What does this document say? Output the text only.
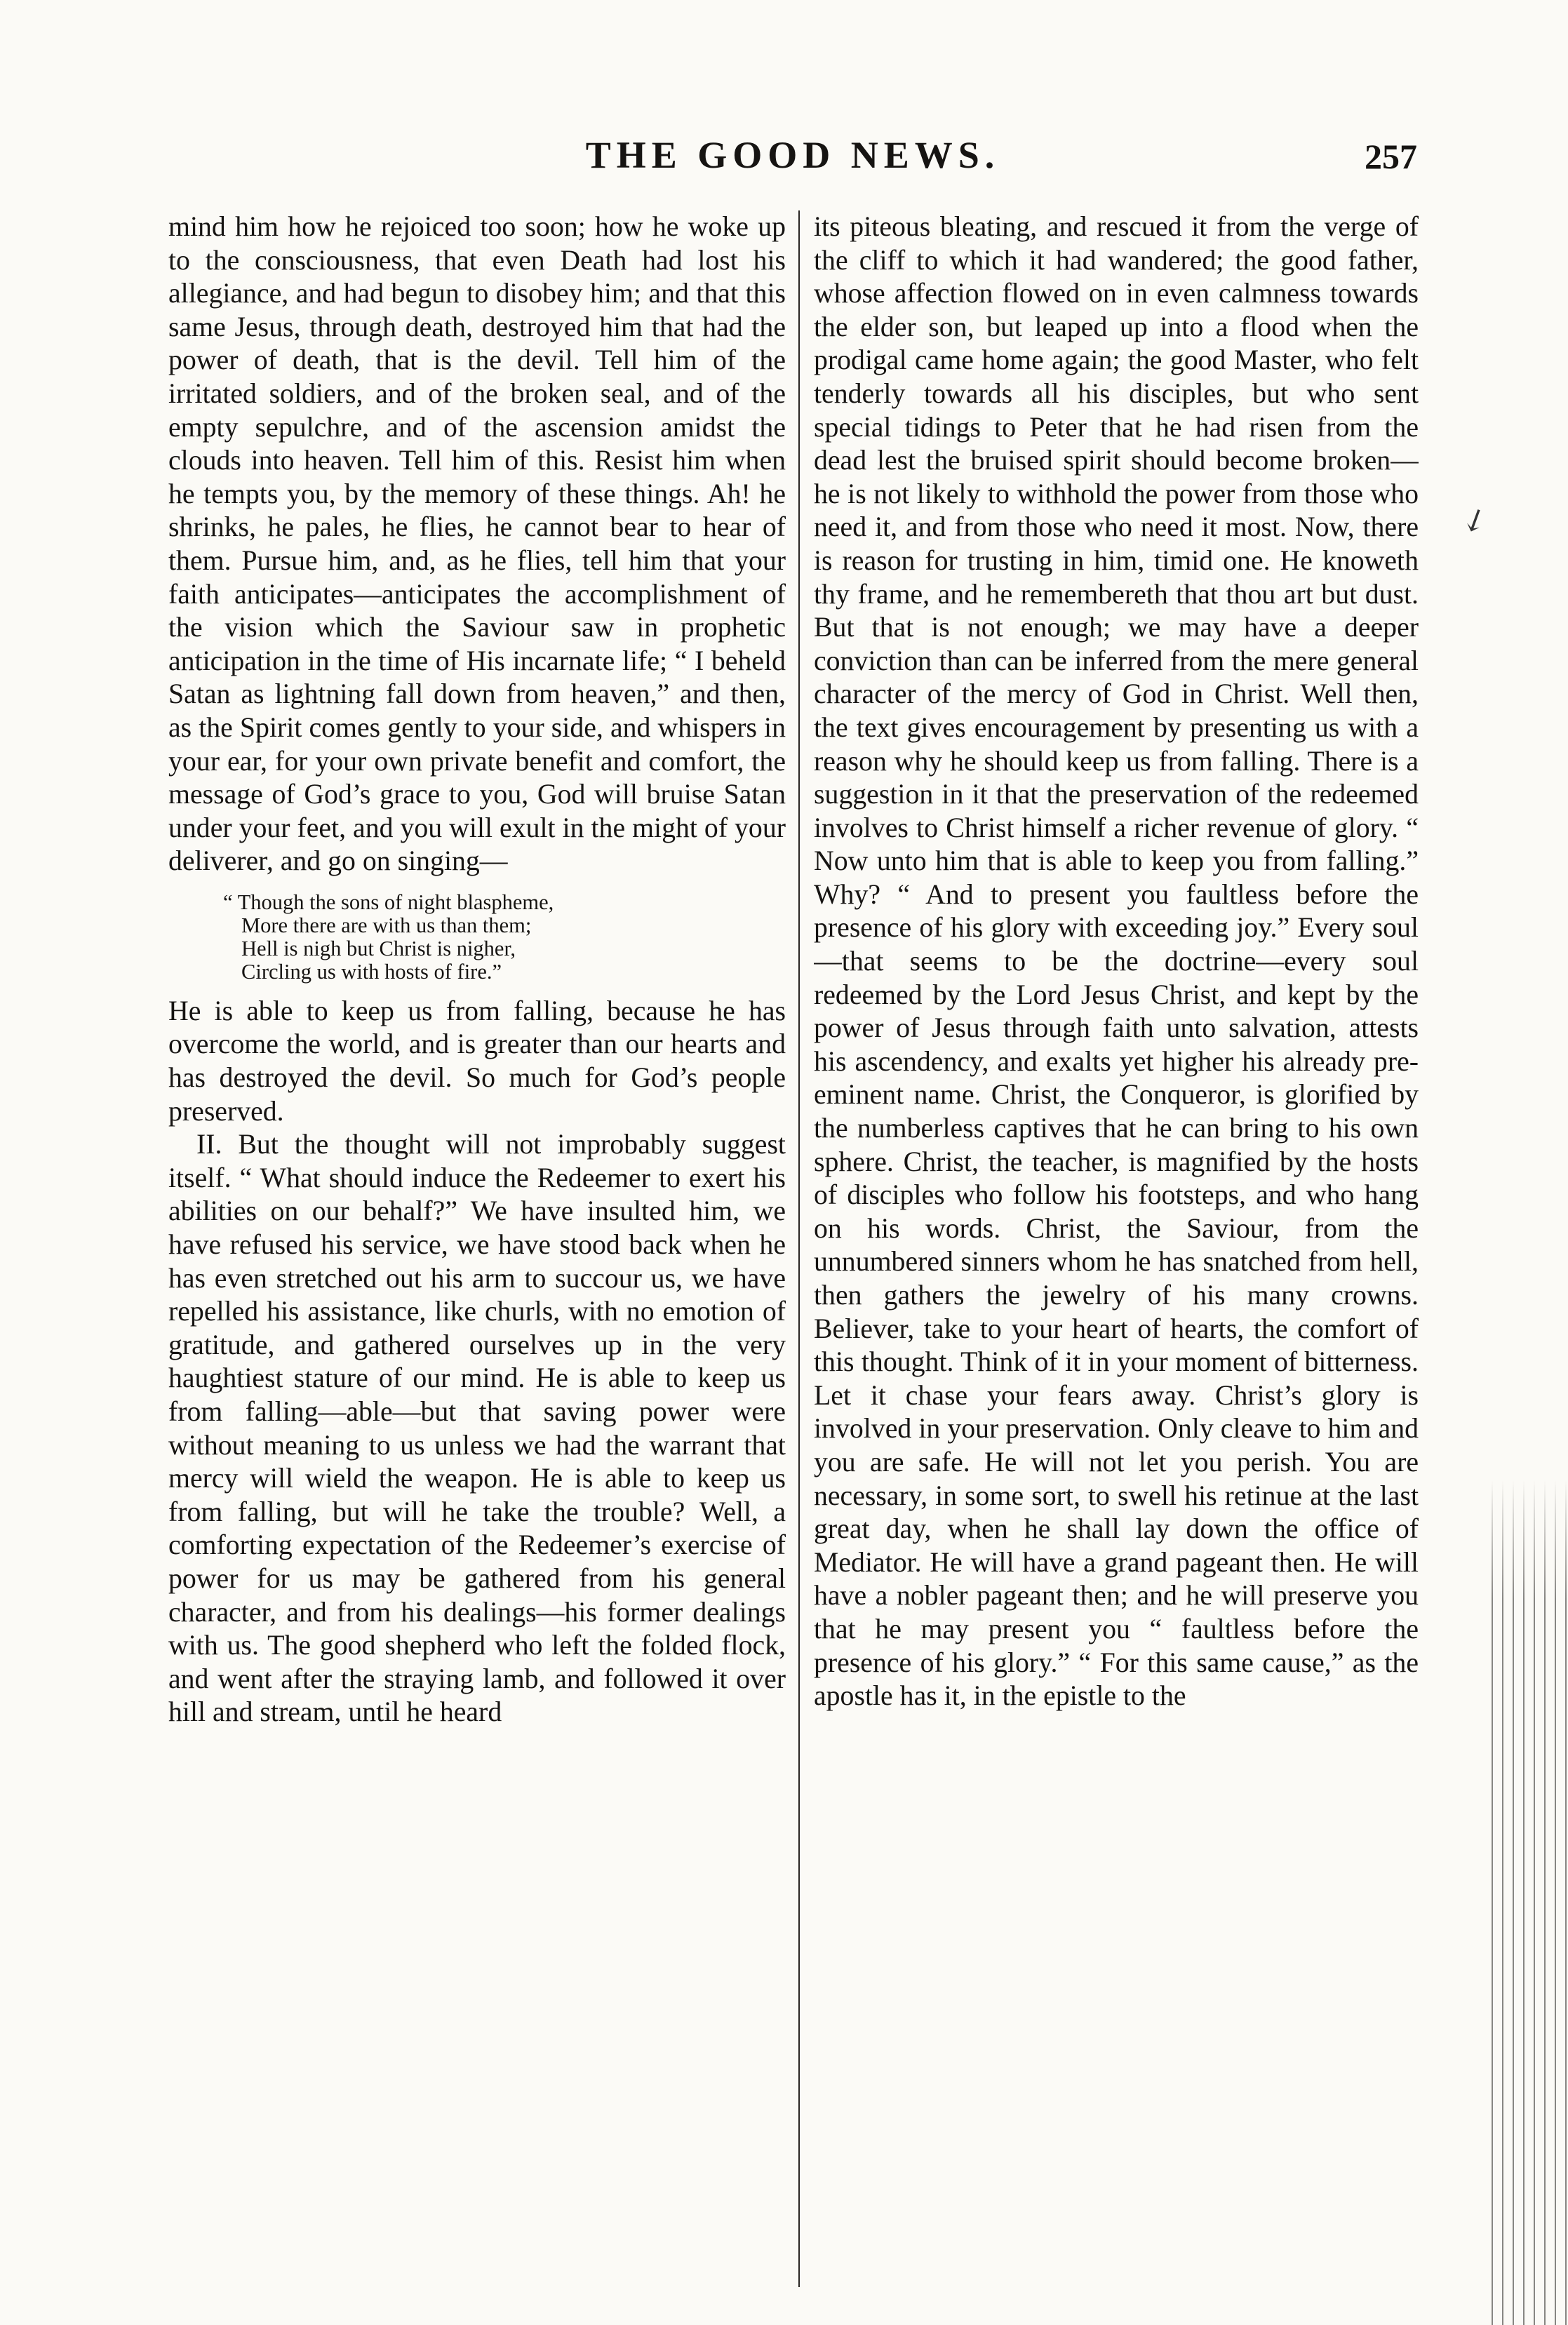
THE GOOD NEWS.	257

mind him how he rejoiced too soon; how he woke up to the consciousness, that even Death had lost his allegiance, and had begun to disobey him; and that this same Jesus, through death, destroyed him that had the power of death, that is the devil. Tell him of the irritated soldiers, and of the broken seal, and of the empty sepulchre, and of the ascension amidst the clouds into heaven. Tell him of this. Resist him when he tempts you, by the memory of these things. Ah! he shrinks, he pales, he flies, he cannot bear to hear of them. Pursue him, and, as he flies, tell him that your faith anticipates—anticipates the accomplishment of the vision which the Saviour saw in prophetic anticipation in the time of His incarnate life; “ I beheld Satan as lightning fall down from heaven,” and then, as the Spirit comes gently to your side, and whispers in your ear, for your own private benefit and comfort, the message of God’s grace to you, God will bruise Satan under your feet, and you will exult in the might of your deliverer, and go on singing—

“ Though the sons of night blaspheme,
More there are with us than them;
Hell is nigh but Christ is nigher,
Circling us with hosts of fire.”

He is able to keep us from falling, because he has overcome the world, and is greater than our hearts and has destroyed the devil. So much for God’s people preserved.

II. But the thought will not improbably suggest itself. “ What should induce the Redeemer to exert his abilities on our behalf?” We have insulted him, we have refused his service, we have stood back when he has even stretched out his arm to succour us, we have repelled his assistance, like churls, with no emotion of gratitude, and gathered ourselves up in the very haughtiest stature of our mind. He is able to keep us from falling—able—but that saving power were without meaning to us unless we had the warrant that mercy will wield the weapon. He is able to keep us from falling, but will he take the trouble? Well, a comforting expectation of the Redeemer’s exercise of power for us may be gathered from his general character, and from his dealings—his former dealings with us. The good shepherd who left the folded flock, and went after the straying lamb, and followed it over hill and stream, until he heard

its piteous bleating, and rescued it from the verge of the cliff to which it had wandered; the good father, whose affection flowed on in even calmness towards the elder son, but leaped up into a flood when the prodigal came home again; the good Master, who felt tenderly towards all his disciples, but who sent special tidings to Peter that he had risen from the dead lest the bruised spirit should become broken—he is not likely to withhold the power from those who need it, and from those who need it most. Now, there is reason for trusting in him, timid one. He knoweth thy frame, and he remembereth that thou art but dust. But that is not enough; we may have a deeper conviction than can be inferred from the mere general character of the mercy of God in Christ. Well then, the text gives encouragement by presenting us with a reason why he should keep us from falling. There is a suggestion in it that the preservation of the redeemed involves to Christ himself a richer revenue of glory. “ Now unto him that is able to keep you from falling.” Why? “ And to present you faultless before the presence of his glory with exceeding joy.” Every soul—that seems to be the doctrine—every soul redeemed by the Lord Jesus Christ, and kept by the power of Jesus through faith unto salvation, attests his ascendency, and exalts yet higher his already pre-eminent name. Christ, the Conqueror, is glorified by the numberless captives that he can bring to his own sphere. Christ, the teacher, is magnified by the hosts of disciples who follow his footsteps, and who hang on his words. Christ, the Saviour, from the unnumbered sinners whom he has snatched from hell, then gathers the jewelry of his many crowns. Believer, take to your heart of hearts, the comfort of this thought. Think of it in your moment of bitterness. Let it chase your fears away. Christ’s glory is involved in your preservation. Only cleave to him and you are safe. He will not let you perish. You are necessary, in some sort, to swell his retinue at the last great day, when he shall lay down the office of Mediator. He will have a grand pageant then. He will have a nobler pageant then; and he will preserve you that he may present you “ faultless before the presence of his glory.” “ For this same cause,” as the apostle has it, in the epistle to the

↙
